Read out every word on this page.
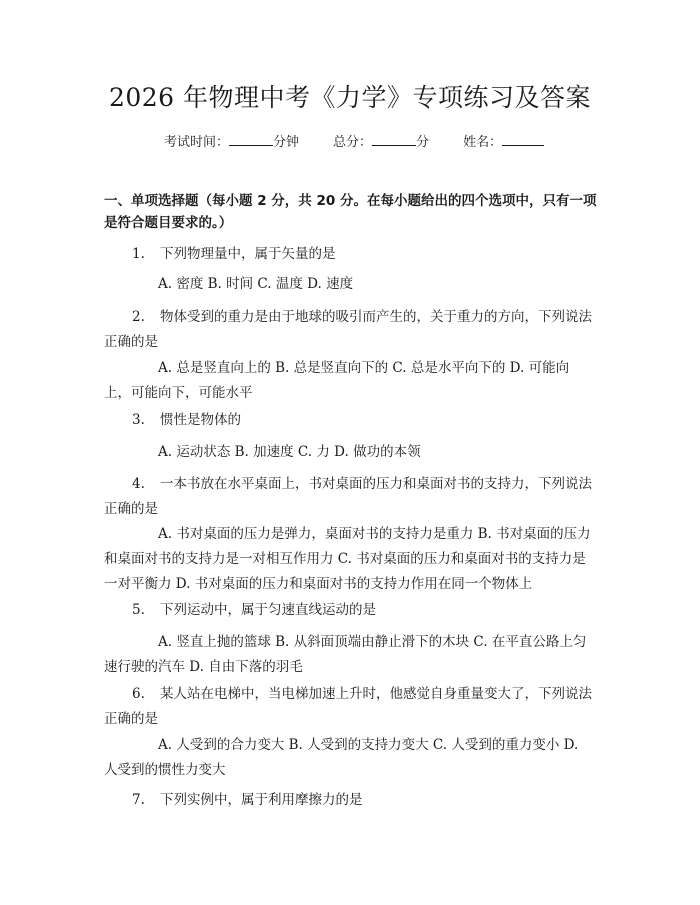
2026 年物理中考《力学》专项练习及答案
考试时间：	分钟	总分：	分	姓名：
一、单项选择题（每小题 2 分，共 20 分。在每小题给出的四个选项中，只有一项是符合题目要求的。）
1. 下列物理量中，属于矢量的是
A. 密度 B. 时间 C. 温度 D. 速度
2. 物体受到的重力是由于地球的吸引而产生的，关于重力的方向，下列说法正确的是
A. 总是竖直向上的 B. 总是竖直向下的 C. 总是水平向下的 D. 可能向上，可能向下，可能水平
3. 惯性是物体的
A. 运动状态 B. 加速度 C. 力 D. 做功的本领
4. 一本书放在水平桌面上，书对桌面的压力和桌面对书的支持力，下列说法正确的是
A. 书对桌面的压力是弹力，桌面对书的支持力是重力 B. 书对桌面的压力和桌面对书的支持力是一对相互作用力 C. 书对桌面的压力和桌面对书的支持力是一对平衡力 D. 书对桌面的压力和桌面对书的支持力作用在同一个物体上
5. 下列运动中，属于匀速直线运动的是
A. 竖直上抛的篮球 B. 从斜面顶端由静止滑下的木块 C. 在平直公路上匀速行驶的汽车 D. 自由下落的羽毛
6. 某人站在电梯中，当电梯加速上升时，他感觉自身重量变大了，下列说法正确的是
A. 人受到的合力变大 B. 人受到的支持力变大 C. 人受到的重力变小 D. 人受到的惯性力变大
7. 下列实例中，属于利用摩擦力的是
